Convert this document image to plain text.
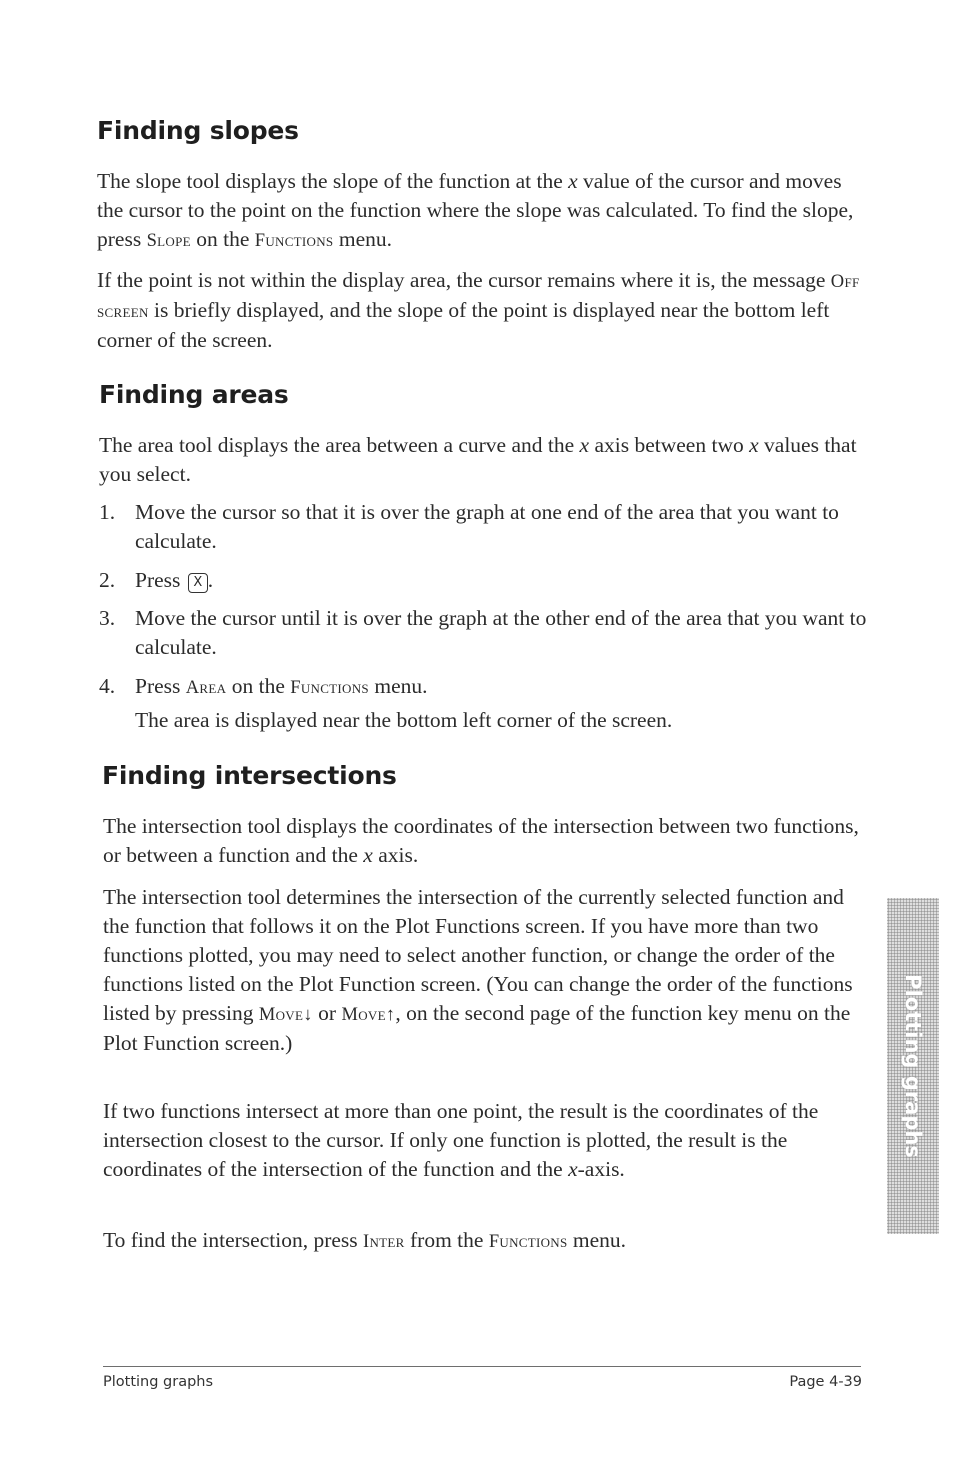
Finding slopes

The slope tool displays the slope of the function at the x value of the cursor and moves the cursor to the point on the function where the slope was calculated. To find the slope, press Slope on the Functions menu.

If the point is not within the display area, the cursor remains where it is, the message Off screen is briefly displayed, and the slope of the point is displayed near the bottom left corner of the screen.

Finding areas

The area tool displays the area between a curve and the x axis between two x values that you select.

1. Move the cursor so that it is over the graph at one end of the area that you want to calculate.
2. Press X .
3. Move the cursor until it is over the graph at the other end of the area that you want to calculate.
4. Press Area on the Functions menu.

The area is displayed near the bottom left corner of the screen.

Finding intersections

The intersection tool displays the coordinates of the intersection between two functions, or between a function and the x axis.

The intersection tool determines the intersection of the currently selected function and the function that follows it on the Plot Functions screen. If you have more than two functions plotted, you may need to select another function, or change the order of the functions listed on the Plot Function screen. (You can change the order of the functions listed by pressing Move↓ or Move↑, on the second page of the function key menu on the Plot Function screen.)

If two functions intersect at more than one point, the result is the coordinates of the intersection closest to the cursor. If only one function is plotted, the result is the coordinates of the intersection of the function and the x-axis.

To find the intersection, press Inter from the Functions menu.

Plotting graphs
Plotting graphs	Page 4-39
